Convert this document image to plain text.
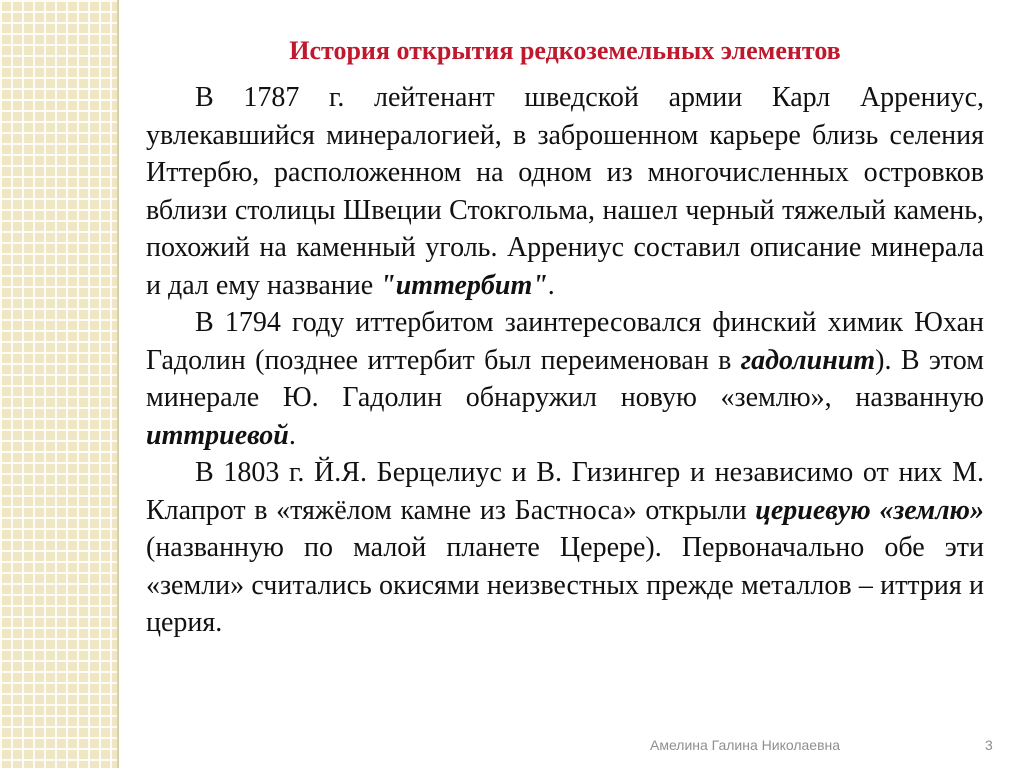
История открытия редкоземельных элементов

В 1787 г. лейтенант шведской армии Карл Аррениус, увлекавшийся минералогией, в заброшенном карьере близь селения Иттербю, расположенном на одном из многочисленных островков вблизи столицы Швеции Стокгольма, нашел черный тяжелый камень, похожий на каменный уголь. Аррениус составил описание минерала и дал ему название "иттербит".

В 1794 году иттербитом заинтересовался финский химик Юхан Гадолин (позднее иттербит был переименован в гадолинит). В этом минерале Ю. Гадолин обнаружил новую «землю», названную иттриевой.

В 1803 г. Й.Я. Берцелиус и В. Гизингер и независимо от них М. Клапрот в «тяжёлом камне из Бастноса» открыли цериевую «землю» (названную по малой планете Церере). Первоначально обе эти «земли» считались окисями неизвестных прежде металлов – иттрия и церия.

Амелина Галина Николаевна	3
